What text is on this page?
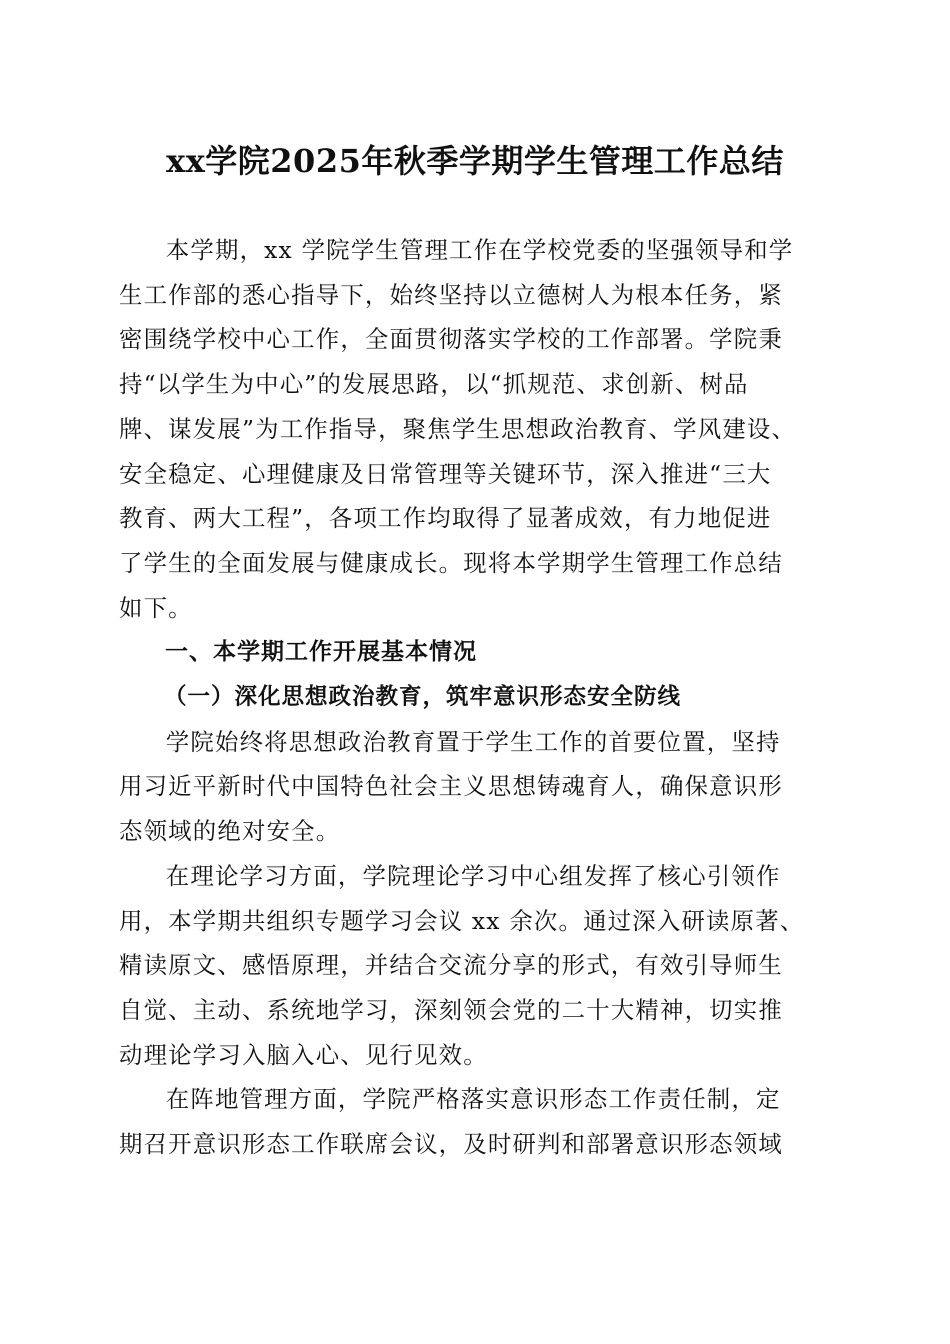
xx学院2025年秋季学期学生管理工作总结

本学期，xx 学院学生管理工作在学校党委的坚强领导和学
生工作部的悉心指导下，始终坚持以立德树人为根本任务，紧
密围绕学校中心工作，全面贯彻落实学校的工作部署。学院秉
持“以学生为中心”的发展思路，以“抓规范、求创新、树品
牌、谋发展”为工作指导，聚焦学生思想政治教育、学风建设、
安全稳定、心理健康及日常管理等关键环节，深入推进“三大
教育、两大工程”，各项工作均取得了显著成效，有力地促进
了学生的全面发展与健康成长。现将本学期学生管理工作总结
如下。

一、本学期工作开展基本情况
（一）深化思想政治教育，筑牢意识形态安全防线

学院始终将思想政治教育置于学生工作的首要位置，坚持
用习近平新时代中国特色社会主义思想铸魂育人，确保意识形
态领域的绝对安全。

在理论学习方面，学院理论学习中心组发挥了核心引领作
用，本学期共组织专题学习会议 xx 余次。通过深入研读原著、
精读原文、感悟原理，并结合交流分享的形式，有效引导师生
自觉、主动、系统地学习，深刻领会党的二十大精神，切实推
动理论学习入脑入心、见行见效。

在阵地管理方面，学院严格落实意识形态工作责任制，定
期召开意识形态工作联席会议，及时研判和部署意识形态领域
